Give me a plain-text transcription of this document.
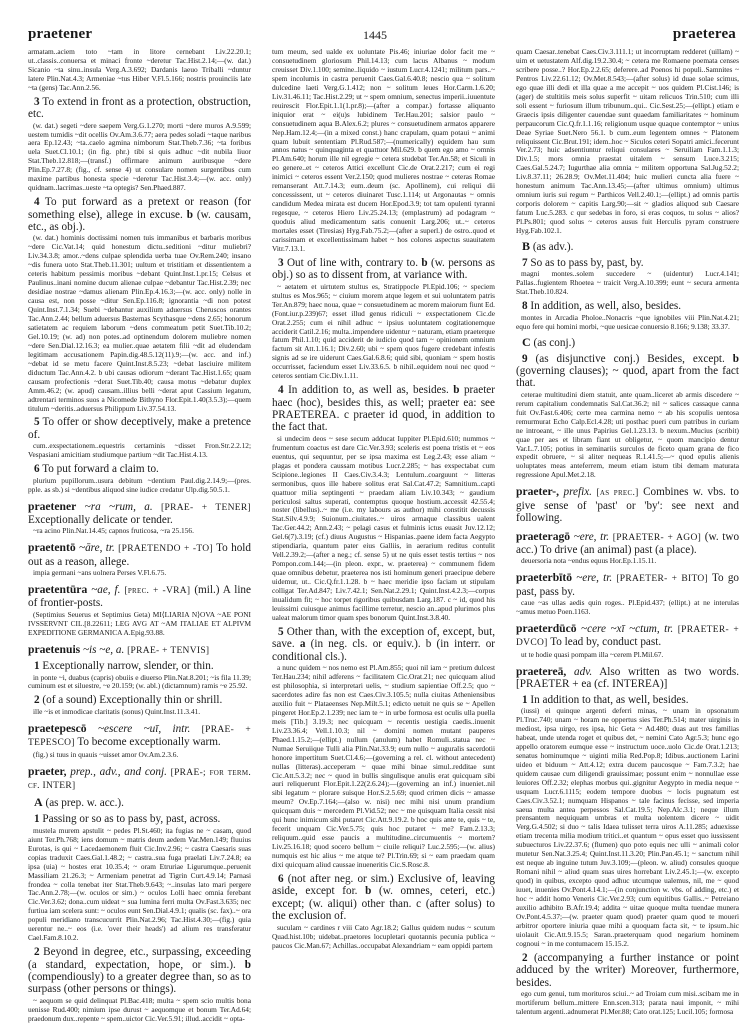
praetener	1445	praeterea

armatam..aciem toto ~tam in litore cernebant Liv.22.20.1; ut..classis..conuersa et minaci fronte ~deretur Tac.Hist.2.14;—(w. dat.) Sicanio ~ta sinu..insula Verg.A.3.692; Dardanis laeuo Triballi ~duntur latere Plin.Nat.4.3; Armeniae ~tus Hiber V.Fl.5.166; nostris prouinciis late ~ta (gens) Tac.Ann.2.56.

3 To extend in front as a protection, obstruction, etc.

(w. dat.) segeti ~dere saepem Verg.G.1.270; morti ~dere muros A.9.599; uestem tumidis ~dit ocellis Ov.Am.3.6.77; aera pedes soladi ~taque naribus aera Ep.12.43; ~ta..caelo agmina nimborum Stat.Theb.7.36; ~ta foribus uela Suet.Cl.10.1; (in fig. phr.) tibi si quis adhuc ~dit nubila liuor Stat.Theb.12.818;—(transf.) offirmare animum auribusque ~dere Plin.Ep.7.27.8; (fig., cf. sense 4) ut consulare nomen surgentibus cum maxime partibus honesta specie ~deretur Tac.Hist.3.4;—(w. acc. only) quidnam..lacrimas..ueste ~ta optegis? Sen.Phaed.887.

4 To put forward as a pretext or reason (for something else), allege in excuse. b (w. causam, etc., as obj.).

(w. dat.) hominis doctissimi nomen tuis immanibus et barbaris moribus ~dere Cic.Vat.14; quid honestum dictu..seditioni ~ditur muliebri? Liv.34.3.8; amor..~dens culpae splendida uerba tuae Ov.Rem.240; insano ~dis funera uoto Stat.Theb.11.301; uultum et tristitiam et dissentientem a ceteris habitum pessimis moribus ~debant Quint.Inst.1.pr.15; Celsus et Paulinus..inani nomine ducum alienae culpae ~debantur Tac.Hist.2.39; nec desidiae nostrae ~damus alienam Plin.Ep.4.16.3;—(w. acc. only) nolle in causa est, non posse ~ditur Sen.Ep.116.8; ignorantia ~di non potest Quint.Inst.7.1.34; Suebi ~debantur auxilium aduersus Cheruscos orantes Tac.Ann.2.44; bellum aduersus Basternas Scythasque ~dens 2.65; honorum satietatem ac requiem laborum ~dens commeatum petit Suet.Tib.10.2; Gel.10.19; (w. ad) non potes..ad optinendum dolorem muliebre nomen ~dere Sen.Dial.12.16.3; ea mulier..quae aetatem filii ~dit ad eludendam legitimam accusationem Papin.dig.48.5.12(11).9;—(w. acc. and inf.) ~debat id se metu facere Quint.Inst.8.5.23; ~debat lasciuire militem diductum Tac.Ann.4.2. b ubi causas odiorum ~derant Tac.Hist.1.65; quam causam profectionis ~derat Suet.Tib.40; causa motus ~debatur duplex Amm.46.2; (w. apud) causam..illius belli ~derat aput Cassium legatum, adtrentari terminos suos a Nicomede Bithyno Flor.Epit.1.40(3.5.3);—quem titulum ~deritis..aduersus Philippum Liv.37.54.13.

5 To offer or show deceptively, make a pretence of.

cum..exspectationem..equestris certaminis ~disset Fron.Str.2.2.12; Vespasiani amicitiam studiumque partium ~dit Tac.Hist.4.13.

6 To put forward a claim to.

plurium pupillorum..usura debitum ~dentium Paul.dig.2.14.9;—(pres. pple. as sb.) si ~dentibus aliquod sine iudice credatur Ulp.dig.50.5.1.

praetener ~ra ~rum, a. [PRAE- + TENER] Exceptionally delicate or tender.

~ra acino Plin.Nat.14.45; capnos fruticosa, ~ra 25.156.

praetentō ~āre, tr. [PRAETENDO + -TO] To hold out as a reason, allege.

impia germani ~ans uolnera Perses V.Fl.6.75.

praetentūra ~ae, f. [prec. + -VRA] (mil.) A line of frontier-posts.

(Septimius Seuerus et Septimius Geta) MI⟨LIARIA N⟩OVA ~AE PONI IVSSERVNT CIL.[8.22611; LEG AVG AT ~AM ITALIAE ET ALPIVM EXPEDITIONE GERMANICA A.Epig.93.88.

praetenuis ~is ~e, a. [PRAE- + TENVIS]

1 Exceptionally narrow, slender, or thin.

in ponte ~i, duabus (capris) obuiis e diuerso Plin.Nat.8.201; ~is fila 11.39; cuminum est et siluestre, ~e 20.159; (w. abl.) (dictamnum) ramis ~e 25.92.

2 (of a sound) Exceptionally thin or shrill.

ille ~is et inmodicae claritatis (sonus) Quint.Inst.11.3.41.

praetepescō ~escere ~uī, intr. [PRAE- + TEPESCO] To become exceptionally warm.

(fig.) si tuus in quauis ~uisset amor Ov.Am.2.3.6.

praeter, prep., adv., and conj. [PRAE-; for term. cf. INTER]

A (as prep. w. acc.).

1 Passing or so as to pass by, past, across.

mustela murem apstulit ~ pedes Pl.St.460; ita fugias ne ~ casam, quod aiunt Ter.Ph.768; iens domum ~ matris deum aedem Var.Men.149; fluuius Eurotas, is qui ~ Lacedaemonem fluit Cic.Inv.2.96; ~ castra Caesaris suas copias traduxit Caes.Gal.1.48.2; ~ castra..sua fuga praelati Liv.7.24.8; ea ipsa (uia) ~ hostes erat 10.35.4; ~ oram Etruriae Ligurumque..peruenit Massiliam 21.26.3; ~ Armeniam penetrat ad Tigrin Curt.4.9.14; Parnasi frondea ~ colla tenebat iter Stat.Theb.9.643; ~..insulas lato mari pergere Tac.Ann.2.78;—(w. oculos or sim.) ~ oculos Lolli haec omnia ferebant Cic.Ver.3.62; dona..cum uideat ~ sua lumina ferri multa Ov.Fast.3.635; nec furtiua iam scelera sunt: ~ oculos eunt Sen.Dial.4.9.1; qualis (sc. fax)..~ ora populi meridiano transcucurrit Plin.Nat.2.96; Tac.Hist.4.30;—(fig.) quia uerentur ne..~ eos (i.e. 'over their heads') ad alium res transferatur Cael.Fam.8.10.2.

2 Beyond in degree, etc., surpassing, exceeding (a standard, expectation, hope, or sim.). b (compendiously) to a greater degree than, so as to surpass (other persons or things).

~ aequom se quid delinquat Pl.Bac.418; multa ~ spem scio multis bona uenisse Rud.400; nimium ipse durust ~ aequomque et bonum Ter.Ad.64; praedonum dux..repente ~ spem..uictor Cic.Ver.5.91; illud..accidit ~ opta-

tum meum, sed ualde ex uoluntate Pis.46; iniuriae dolor facit me ~ consuetudinem gloriosum Phil.14.13; cum lacus Albanus ~ modum creuisset Div.1.100; semine..liquido ~ iustum Lucr.4.1241; militum pars..~ spem incolumis in castra peruenit Caes.Gal.6.40.8; nescio qua ~ solitum dulcedine laeti Verg.G.1.412; non ~ solitum leues Hor.Carm.1.6.20; Liv.31.46.11; Tac.Hist.2.29; ut ~ spem omnium, senectus imperii..iuuentute reuirescit Flor.Epit.1.1(1.pr.8);—(after a compar.) fortasse aliquanto iniquior erat ~ ei(u)s lubidinem Ter.Hau.201; salsior paulo ~ consuetudinem aqua B.Alex.6.2; plures ~ consuetudinem armatos apparere Nep.Ham.12.4;—(in a mixed const.) hanc crapulam, quam potaui ~ animi quam lubuit sententiam Pl.Rud.587;—(numerically) equidem hau sum annos natus ~ quinquaginta et quattuor Mil.629. b quem ego amo ~ omnis Pl.Am.640; horum ille nil egregie ~ cetera studebat Ter.An.58; et Siculi in eo genere..et ~ ceteros Attici excellunt Cic.de Orat.2.217; cum ei regi inimici ~ ceteros essent Ver.2.150; quod mulieres nostrae ~ ceteras Romae remanserant Att.7.14.3; eum..deum (sc. Apollinem), cui reliqui dii concessissent, ut ~ ceteros diuinaret Tusc.1.114; ut Argonautas ~ omnis candidum Medea mirata est ducem Hor.Epod.3.9; tot tam opulenti tyranni regesque, ~ ceteros Hiero Liv.25.24.13; (emplastrum) ad podagram ~ quoduis aliud medicamentum satis conuenit Larg.206; ut..~ ceteros mortales esset (Tiresias) Hyg.Fab.75.2;—(after a superl.) de ostro..quod et carissimam et excellentissimam habet ~ hos colores aspectus suauitatem Vitr.7.13.1.

3 Out of line with, contrary to. b (w. persons as obj.) so as to dissent from, at variance with.

~ aetatem et uirtutem stultus es, Stratippocle Pl.Epid.106; ~ speciem stultus es Mos.965; ~ ciuium morem atque legem et sui uoluntatem patris Ter.An.879; haec noua, quae ~ consuetudinem ac morem maiorum fiunt Ed.(Font.iur.p.239)67; esset illud genus ridiculi ~ exspectationem Cic.de Orat.2.255; cum ei nihil adhuc ~ ipsius uoluntatem cogitationemque acciderit Catil.2.16; multa..impendere uidentur ~ naturam, etiam praeterque fatum Phil.1.10; quid acciderit de iudicio quod tam ~ opinionem omnium factum sit Att.1.16.1; Div.2.60; ubi ~ spem quos fugere credebant infestis signis ad se ire uiderunt Caes.Gal.6.8.6; quid sibi, quoniam ~ spem hostis occurrisset, faciendum esset Liv.33.6.5. b nihil..equidem noui nec quod ~ ceteros sentiam Cic.Div.1.11.

4 In addition to, as well as, besides. b praeter haec (hoc), besides this, as well; praeter ea: see PRAETEREA. c praeter id quod, in addition to the fact that.

si undecim deos ~ sese secum adducat Iuppiter Pl.Epid.610; nummos ~ frumentum coactus est dare Cic.Ver.3.93; sceleris est poena tristis et ~ eos euentus, qui sequuntur, per se ipsa maxima est Leg.2.43; esse aliam ~ plagas et pondera caussam motibus Lucr.2.285; ~ has exspectabat cum Scipione..legiones II Caes.Civ.3.4.3; Lentulum..coarguunt ~ litteras sermonibus, quos ille habere solitus erat Sal.Cat.47.2; Samnitium..capti quattuor milia septingenti ~ praedam aliam Liv.10.343; ~ gaudium periculosi saltus superati, contemptus quoque hostium..accessit 42.55.4; noster (libellus)..~ me (i.e. my labours as author) mihi constitit decussis Stat.Silv.4.9.9; Suionum..ciuitates..~ uiros armaque classibus ualent Tac.Ger.44.2; Ann.2.43; ~ pelagi casus et fulminis ictus euasit Juv.12.12; Gel.6(7).3.19; (cf.) diuus Augustus ~ Hispanias..paene idem facta Aegypto stipendiaria, quantum pater eius Galliis, in aerarium reditus contulit Vell.2.39.2;—(after a neg.; cf. sense 5) ut ne quis esset testis tertius ~ nos Pompon.com.144;—(in pleon. expr., w. praeterea) ~ communem fidem quae omnibus debetur, praeterea nos isti hominum generi praecipue debere uidemur, ut.. Cic.Q.fr.1.1.28. b ~ haec meridie ipso faciam ut stipulam colligat Ter.Ad.847; Liv.7.42.1; Sen.Nat.2.29.1; Quint.Inst.4.2.3;—corpus inualidum fit; ~ hoc torpet rigoribus quibusdam Larg.187. c ~ id, quod his leuissimi cuiusque animus facillime terretur, nescio an..apud plurimos plus ualeat malorum timor quam spes bonorum Quint.Inst.3.8.40.

5 Other than, with the exception of, except, but, save. a (in neg. cls. or equiv.). b (in interr. or conditional cls.).

a nunc quidem ~ nos nemo est Pl.Am.855; quoi nil iam ~ pretium dulcest Ter.Hau.234; nihil adferens ~ facilitatem Cic.Orat.21; nec quicquam aliud est philosophia, si interpretari uelis, ~ studium sapientiae Off.2.5; quo ~ sacerdotes adire fas non est Caes.Civ.3.105.5; nulla ciuitas Atheniensibus auxilio fuit ~ Plataeenses Nep.Milt.5.1; edicto uetuit ne quis se ~ Apellen pingeret Hor.Ep.2.1.239; nec iam te ~ in urbe formosa est oculis ulla puella meis [Tib.] 3.19.3; nec quicquam ~ recentis uestigia caedis..inuenit Liv.23.36.4; Vell.1.10.3; nil ~ domini nomen mutant pauperes Phaed.1.15.2;—(ellipt.) nullum (anulum) habet Romuli..statua nec ~ Numae Seruiique Tulli alia Plin.Nat.33.9; eum nullo ~ auguralis sacerdotii honore impertitum Suet.Cl.4.6;—(governing a rel. cl. without antecedent) nullas (litteras)..acceperam ~ quae mihi binae simul..redditae sunt Cic.Att.5.3.2; nec ~ quod in bullis singulisque anulis erat quicquam sibi auri reliquerunt Flor.Epit.1.22(2.6.24);—(governing an inf.) inueniet..nil sibi legatum ~ plorare suisque Hor.S.2.5.69; quod crimen dicis ~ amasse meum? Ov.Ep.7.164;—(also w. nisi) nec mihi nisi unum prandium quicquam duis ~ mercedem Pl.Vid.52; nec ~ me quisquam Italia cessit nisi qui hunc inimicum sibi putaret Cic.Att.9.19.2. b hoc quis ante te, quis ~ te, fecerit unquam Cic.Ver.5.75; quis hoc putaret ~ me? Fam.2.13.3; reliquum..quid esse paucis a multitudine..circumuentis ~ mortem? Liv.25.16.18; quod socero bellum ~ ciuile reliqui? Luc.2.595;—(w. alius) numquis est hic alius ~ me atque te? Pl.Trin.69; si ~ eam praedam quam dixi quicquam aliud caussae inueneritis Cic.S.Rosc.8.

6 (not after neg. or sim.) Exclusive of, leaving aside, except for. b (w. omnes, ceteri, etc.) except; (w. aliqui) other than. c (after solus) to the exclusion of.

suculam ~ cardines r viii Cato Agr.18.2; Gallus quidem nudus ~ scutum Quad.hist.10b; uidebat..praetores locupletari quotannis pecunia publica ~ paucos Cic.Man.67; Achillas..occupabat Alexandriam ~ eam oppidi partem

quam Caesar..tenebat Caes.Civ.3.111.1; ut incorruptam redderet (uillam) ~ uim et uetustatem Alf.dig.19.2.30.4; ~ cetera me Romaene poemata censes scribere posse..? Hor.Ep.2.2.65; deferere..ad Poenos hi populi..Samnites ~ Pentros Liv.22.61.12; Ov.Met.8.543;—(after solus) id duae solae scimus, ego quae illi dedi et illa quae a me accepit ~ uos quidem Pl.Cist.146; is (ager) de stultitiis meis solus superfit ~ uitam relicuos Trin.510; cum illi soli essent ~ furiosum illum tribunum..qui.. Cic.Sest.25;—(ellipt.) etiam e Graecis ipsis diligenter cauendae sunt quaedam familiaritates ~ hominum perpaucorum Cic.Q.fr.1.1.16; religionum usque quaque contemptor ~ unius Deae Syriae Suet.Nero 56.1. b cum..eum legentem omnes ~ Platonem reliquissent Cic.Brut.191; idem..hoc ~ Siculos ceteri Sopatri amici..fecerunt Ver.2.73; huic adsentiuntur reliqui consulares ~ Seruiliam Fam.1.1.3; Div.1.5; mors omnia praestat uitalem ~ sensum Luce.3.215; Caes.Gal.5.24.7; Iugurthae alia omnia ~ militem opportuna Sal.Jug.52.2; Liv.8.37.11; 26.28.9; Ov.Met.11.404; huic mulieri cuncta alia fuere ~ honestum animum Tac.Ann.13.45;—(after ultimus omnium) ultimus omnium iuris sui regum ~ Parthicos Vell.2.40.1;—(ellipt.) ad omnis partis corporis dolorem ~ capitis Larg.90;—sit ~ gladios aliquod sub Caesare fatum Luc.5.283. c qur sedebas in foro, si eras coquos, tu solus ~ alios? Pl.Ps.801; quod solus ~ ceteros ausus fuit Herculis pyram construere Hyg.Fab.102.1.

B (as adv.).

7 So as to pass by, past, by.

magni montes..solem succedere ~ (uidentur) Lucr.4.141; Pallas..fugientem Rhoetea ~ traicit Verg.A.10.399; eunt ~ secura armenta Stat.Theb.10.824.

8 In addition, as well, also, besides.

montes in Arcadia Pholoe..Nonacris ~que ignobiles viii Plin.Nat.4.21; equo fere qui homini morbi, ~que uesicae conuersio 8.166; 9.138; 33.37.

C (as conj.)

9 (as disjunctive conj.) Besides, except. b (governing clauses); ~ quod, apart from the fact that.

ceterae multitudini diem statuit, ante quam..liceret ab armis discedere ~ rerum capitalium condemnatis Sal.Cat.36.2; nil ~ salices cassaque canna fuit Ov.Fast.6.406; certe mea carmina nemo ~ ab his scopulis uentosa remurmurat Echo Calp.Ecl.4.28; uti posthac pueri cum patribus in curiam ne introeant, ~ ille unus Papirius Gel.1.23.13. b nexum..Mucius (scribit) quae per aes et libram fiant ut obligetur, ~ quom mancipio dentur Var.L.7.105; potius in seminariis surculos de ficeto quam grana de fico expedit obruere, ~ si aliter nequeas R.1.41.5;—~ quod epulis alienis uoluptates meas anteferrem, meum etiam istum tibi demam maturata regressione Apul.Met.2.18.

praeter-, prefix. [as prec.] Combines w. vbs. to give sense of 'past' or 'by': see next and following.

praeteragō ~ere, tr. [PRAETER- + AGO] (w. two acc.) To drive (an animal) past (a place).

deuersoria nota ~endus equus Hor.Ep.1.15.11.

praeterbītō ~ere, tr. [PRAETER- + BITO] To go past, pass by.

caue ~as ullas aedis quin roges.. Pl.Epid.437; (ellipt.) at ne interulas ~amus metuo Poen.1163.

praeterdūcō ~cere ~xī ~ctum, tr. [PRAETER- + DVCO] To lead by, conduct past.

ut te hodie quasi pompam illa ~cerem Pl.Mil.67.

praetereā, adv. Also written as two words. [PRAETER + ea (cf. INTEREA)]

1 In addition to that, as well, besides.

(iussi) ei quinque argenti deferri minas, ~ unam in opsonatum Pl.Truc.740; unam ~ horam ne oppertus sies Ter.Ph.514; mater uirginis in mediost, ipsa uirgo, res ipsa, hic Geta ~ Ad.480; duas aut tres familias habeat, unde utenda roget et quibus det, ~ nemini Cato Agr.5.3; hunc ego appello oratorem eumque esse ~ instructum uoce..uolo Cic.de Orat.1.213; senatus hominumque ~ uiginti milia Red.Pop.8; Idibus..auctionem Larini uideo et biduum ~ Att.4.12; extra ducem paucosque ~ Fam.7.3.2; hae quidem causae cum diligendi grauissimae; possunt enim ~ nonnullae esse leuiores Off.2.32; elephas morbus qui..gignitur Aegypto in media neque ~ usquam Lucr.6.1115; eodem tempore duobus ~ locis pugnatum est Caes.Civ.3.52.1; numquam Hispanos ~ tale facinus fecisse, sed imperia saeua multa antea perpessos Sal.Cat.19.5; Nep.Alc.3.1; neque illum prensantem nequiquam umbras et multa uolentem dicere ~ uidit Verg.G.4.502; si duo ~ talis Idaea tulisset terra uiros A.11.285; aduexisse etiam trecenta milia modium tritici..et quantum ~ opus esset quo iussissent subuecturos Liv.22.37.6; (flumen) quo poto equis nec ulli ~ animali color mutetur Sen.Nat.3.25.4; Quint.Inst.11.3.20; Plin.Pan.45.1; ~ sanctum nihil est neque ab inguine tutum Juv.3.109;—(pleon. w. aliud) consules quoque Romani nihil ~ aliud quam suas uires horrebant Liv.2.45.1;—(w. excepto quod) in quibus, excepto quod adhuc utcumque ualemus, nil, me ~ quod iuuet, inuenies Ov.Pont.4.14.1;—(in conjunction w. vbs. of adding, etc.) et hoc ~ addit homo Veneris Cic.Ver.2.93; cum equitibus Gallis..~ Petreiano auxilio adhibito B.Afr.19.4; addita ~ uitae quoque multa tuendae munera Ov.Pont.4.5.37;—(w. praeter quam quod) praeter quam quod te moueri arbitror oportere iniuria quae mihi a quoquam facta sit, ~ te ipsum..hic uiolauit Cic.Att.9.15.5; Saran..praeterquam quod negarium hominem cognoui ~ in me contumacem 15.15.2.

2 (accompanying a further instance or point adduced by the writer) Moreover, furthermore, besides.

ego cum genui, tum morituros sciui..~ ad Troiam cum misi..scibam me in mortiferum bellum..mittere Enn.scen.313; parata naui imponit, ~ mihi talentum argenti..adnumerat Pl.Mer.88; Cato orat.125; Lucil.105; formosa
